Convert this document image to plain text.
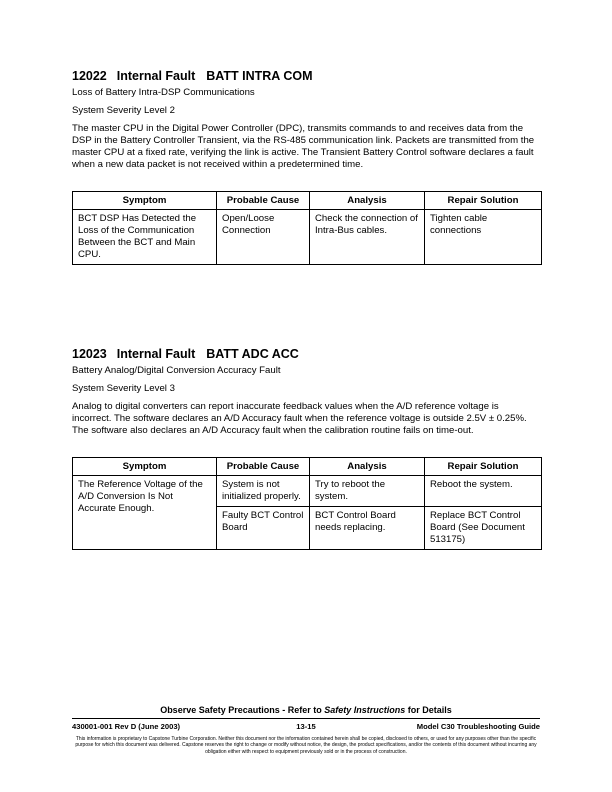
12022 Internal Fault BATT INTRA COM

Loss of Battery Intra-DSP Communications

System Severity Level 2

The master CPU in the Digital Power Controller (DPC), transmits commands to and receives data from the DSP in the Battery Controller Transient, via the RS-485 communication link. Packets are transmitted from the master CPU at a fixed rate, verifying the link is active. The Transient Battery Control software declares a fault when a new data packet is not received within a predetermined time.

Symptom	Probable Cause	Analysis	Repair Solution
BCT DSP Has Detected the Loss of the Communication Between the BCT and Main CPU.	Open/Loose Connection	Check the connection of Intra-Bus cables.	Tighten cable connections
12023 Internal Fault BATT ADC ACC

Battery Analog/Digital Conversion Accuracy Fault

System Severity Level 3

Analog to digital converters can report inaccurate feedback values when the A/D reference voltage is incorrect. The software declares an A/D Accuracy fault when the reference voltage is outside 2.5V ± 0.25%. The software also declares an A/D Accuracy fault when the calibration routine fails on time-out.

Symptom	Probable Cause	Analysis	Repair Solution
The Reference Voltage of the A/D Conversion Is Not Accurate Enough.	System is not initialized properly.	Try to reboot the system.	Reboot the system.
	Faulty BCT Control Board	BCT Control Board needs replacing.	Replace BCT Control Board (See Document 513175)
Observe Safety Precautions - Refer to Safety Instructions for Details
430001-001 Rev D (June 2003)	13-15	Model C30 Troubleshooting Guide
This information is proprietary to Capstone Turbine Corporation. Neither this document nor the information contained herein shall be copied, disclosed to others, or used for any purposes other than the specific purpose for which this document was delivered. Capstone reserves the right to change or modify without notice, the design, the product specifications, and/or the contents of this document without incurring any obligation either with respect to equipment previously sold or in the process of construction.
